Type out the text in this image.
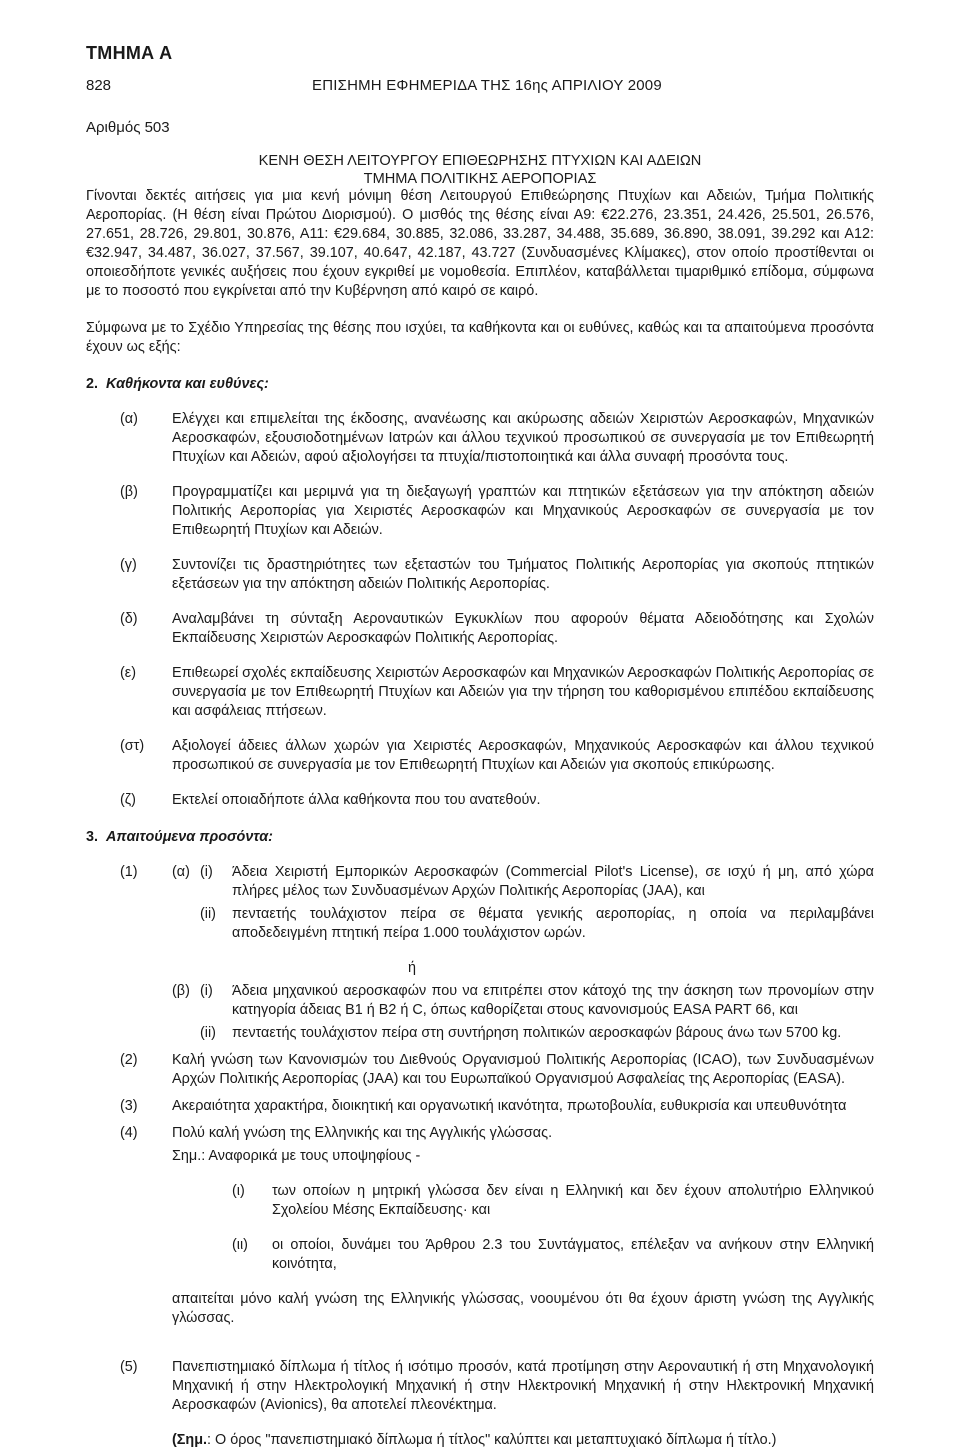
ΤΜΗΜΑ Α
828	ΕΠΙΣΗΜΗ ΕΦΗΜΕΡΙΔΑ ΤΗΣ 16ης ΑΠΡΙΛΙΟΥ 2009
Αριθμός 503
ΚΕΝΗ ΘΕΣΗ ΛΕΙΤΟΥΡΓΟΥ ΕΠΙΘΕΩΡΗΣΗΣ ΠΤΥΧΙΩΝ ΚΑΙ ΑΔΕΙΩΝ
ΤΜΗΜΑ ΠΟΛΙΤΙΚΗΣ ΑΕΡΟΠΟΡΙΑΣ

Γίνονται δεκτές αιτήσεις για μια κενή μόνιμη θέση Λειτουργού Επιθεώρησης Πτυχίων και Αδειών, Τμήμα Πολιτικής Αεροπορίας. (Η θέση είναι Πρώτου Διορισμού). Ο μισθός της θέσης είναι Α9: €22.276, 23.351, 24.426, 25.501, 26.576, 27.651, 28.726, 29.801, 30.876, Α11: €29.684, 30.885, 32.086, 33.287, 34.488, 35.689, 36.890, 38.091, 39.292 και Α12: €32.947, 34.487, 36.027, 37.567, 39.107, 40.647, 42.187, 43.727 (Συνδυασμένες Κλίμακες), στον οποίο προστίθενται οι οποιεσδήποτε γενικές αυξήσεις που έχουν εγκριθεί με νομοθεσία. Επιπλέον, καταβάλλεται τιμαριθμικό επίδομα, σύμφωνα με το ποσοστό που εγκρίνεται από την Κυβέρνηση από καιρό σε καιρό.

Σύμφωνα με το Σχέδιο Υπηρεσίας της θέσης που ισχύει, τα καθήκοντα και οι ευθύνες, καθώς και τα απαιτούμενα προσόντα έχουν ως εξής:

2. Καθήκοντα και ευθύνες:
(α)	Ελέγχει και επιμελείται της έκδοσης, ανανέωσης και ακύρωσης αδειών Χειριστών Αεροσκαφών, Μηχανικών Αεροσκαφών, εξουσιοδοτημένων Ιατρών και άλλου τεχνικού προσωπικού σε συνεργασία με τον Επιθεωρητή Πτυχίων και Αδειών, αφού αξιολογήσει τα πτυχία/πιστοποιητικά και άλλα συναφή προσόντα τους.
(β)	Προγραμματίζει και μεριμνά για τη διεξαγωγή γραπτών και πτητικών εξετάσεων για την απόκτηση αδειών Πολιτικής Αεροπορίας για Χειριστές Αεροσκαφών και Μηχανικούς Αεροσκαφών σε συνεργασία με τον Επιθεωρητή Πτυχίων και Αδειών.
(γ)	Συντονίζει τις δραστηριότητες των εξεταστών του Τμήματος Πολιτικής Αεροπορίας για σκοπούς πτητικών εξετάσεων για την απόκτηση αδειών Πολιτικής Αεροπορίας.
(δ)	Αναλαμβάνει τη σύνταξη Αεροναυτικών Εγκυκλίων που αφορούν θέματα Αδειοδότησης και Σχολών Εκπαίδευσης Χειριστών Αεροσκαφών Πολιτικής Αεροπορίας.
(ε)	Επιθεωρεί σχολές εκπαίδευσης Χειριστών Αεροσκαφών και Μηχανικών Αεροσκαφών Πολιτικής Αεροπορίας σε συνεργασία με τον Επιθεωρητή Πτυχίων και Αδειών για την τήρηση του καθορισμένου επιπέδου εκπαίδευσης και ασφάλειας πτήσεων.
(στ)	Αξιολογεί άδειες άλλων χωρών για Χειριστές Αεροσκαφών, Μηχανικούς Αεροσκαφών και άλλου τεχνικού προσωπικού σε συνεργασία με τον Επιθεωρητή Πτυχίων και Αδειών για σκοπούς επικύρωσης.
(ζ)	Εκτελεί οποιαδήποτε άλλα καθήκοντα που του ανατεθούν.
3. Απαιτούμενα προσόντα:
(1)	(α) (i)	Άδεια Χειριστή Εμπορικών Αεροσκαφών (Commercial Pilot's License), σε ισχύ ή μη, από χώρα πλήρες μέλος των Συνδυασμένων Αρχών Πολιτικής Αεροπορίας (JAA), και
(ii)	πενταετής τουλάχιστον πείρα σε θέματα γενικής αεροπορίας, η οποία να περιλαμβάνει αποδεδειγμένη πτητική πείρα 1.000 τουλάχιστον ωρών.
ή
(β) (i)	Άδεια μηχανικού αεροσκαφών που να επιτρέπει στον κάτοχό της την άσκηση των προνομίων στην κατηγορία άδειας Β1 ή Β2 ή C, όπως καθορίζεται στους κανονισμούς EASA PART 66, και
(ii)	πενταετής τουλάχιστον πείρα στη συντήρηση πολιτικών αεροσκαφών βάρους άνω των 5700 kg.
(2)	Καλή γνώση των Κανονισμών του Διεθνούς Οργανισμού Πολιτικής Αεροπορίας (ICAO), των Συνδυασμένων Αρχών Πολιτικής Αεροπορίας (JAA) και του Ευρωπαϊκού Οργανισμού Ασφαλείας της Αεροπορίας (EASA).
(3)	Ακεραιότητα χαρακτήρα, διοικητική και οργανωτική ικανότητα, πρωτοβουλία, ευθυκρισία και υπευθυνότητα
(4)	Πολύ καλή γνώση της Ελληνικής και της Αγγλικής γλώσσας.
Σημ.: Αναφορικά με τους υποψηφίους -
(ι)	των οποίων η μητρική γλώσσα δεν είναι η Ελληνική και δεν έχουν απολυτήριο Ελληνικού Σχολείου Μέσης Εκπαίδευσης· και
(ιι)	οι οποίοι, δυνάμει του Άρθρου 2.3 του Συντάγματος, επέλεξαν να ανήκουν στην Ελληνική κοινότητα,
απαιτείται μόνο καλή γνώση της Ελληνικής γλώσσας, νοουμένου ότι θα έχουν άριστη γνώση της Αγγλικής γλώσσας.
(5)	Πανεπιστημιακό δίπλωμα ή τίτλος ή ισότιμο προσόν, κατά προτίμηση στην Αεροναυτική ή στη Μηχανολογική Μηχανική ή στην Ηλεκτρολογική Μηχανική ή στην Ηλεκτρονική Μηχανική ή στην Ηλεκτρονική Μηχανική Αεροσκαφών (Avionics), θα αποτελεί πλεονέκτημα.
(Σημ.: Ο όρος "πανεπιστημιακό δίπλωμα ή τίτλος" καλύπτει και μεταπτυχιακό δίπλωμα ή τίτλο.)
